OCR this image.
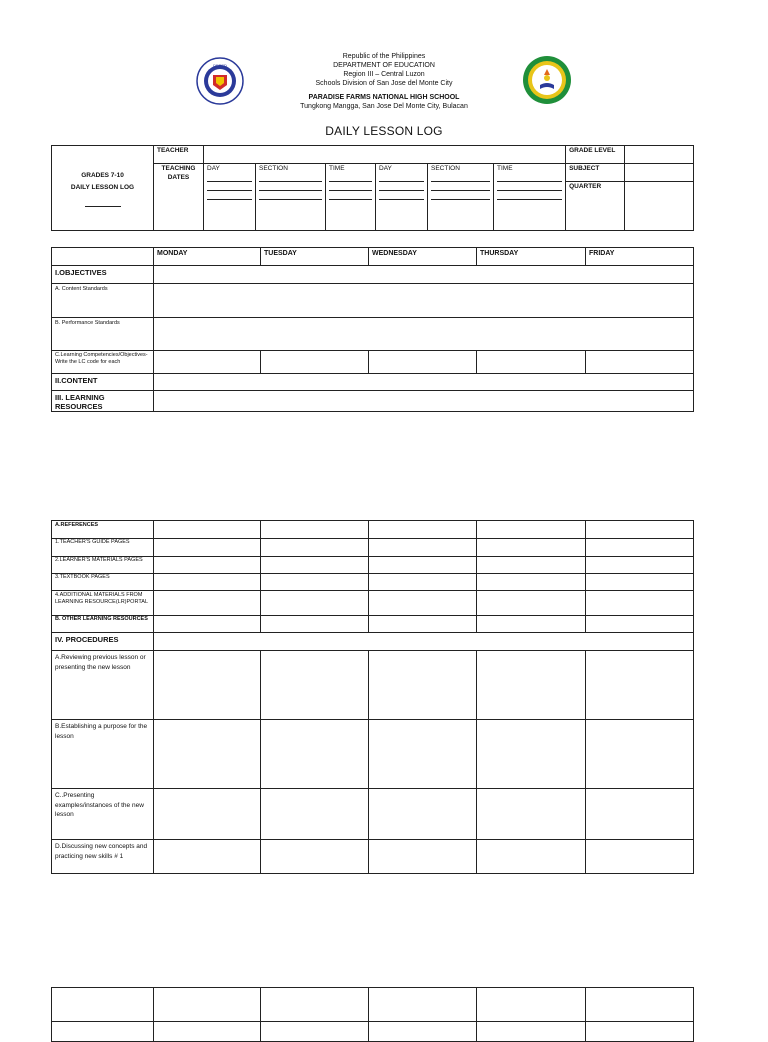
DEPED
Republic of the Philippines
DEPARTMENT OF EDUCATION
Region III – Central Luzon
Schools Division of San Jose del Monte City
PARADISE FARMS NATIONAL HIGH SCHOOL
Tungkong Mangga, San Jose Del Monte City, Bulacan
DAILY LESSON LOG
GRADES 7-10
DAILY LESSON LOG	TEACHER							GRADE LEVEL	
	TEACHING DATES	DAY	SECTION	TIME	DAY	SECTION	TIME	SUBJECT	
								QUARTER	
	MONDAY	TUESDAY	WEDNESDAY	THURSDAY	FRIDAY
I.OBJECTIVES					
A. Content Standards					
B. Performance Standards					
C.Learning Competencies/Objectives-Write the LC code for each					
II.CONTENT					
III. LEARNING RESOURCES					
A.REFERENCES					
1.TEACHER'S GUIDE PAGES					
2.LEARNER'S MATERIALS PAGES					
3.TEXTBOOK PAGES					
4.ADDITIONAL MATERIALS FROM LEARNING RESOURCE(LR)PORTAL					
B. OTHER LEARNING RESOURCES					
IV. PROCEDURES					
A.Reviewing previous lesson or presenting the new lesson					
B.Establishing a purpose for the lesson					
C..Presenting examples/instances of the new lesson					
D.Discussing new concepts and practicing new skills # 1					
